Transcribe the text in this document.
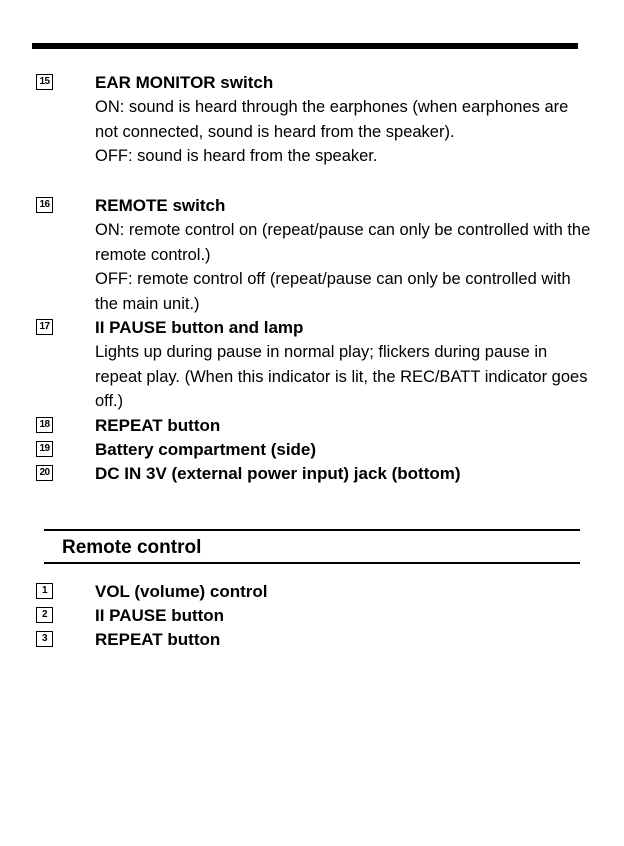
15	EAR MONITOR switch

ON: sound is heard through the earphones (when earphones are not connected, sound is heard from the speaker).

OFF: sound is heard from the speaker.

16	REMOTE switch

ON: remote control on (repeat/pause can only be controlled with the remote control.)

OFF: remote control off (repeat/pause can only be controlled with the main unit.)

17	II PAUSE button and lamp

Lights up during pause in normal play; flickers during pause in repeat play. (When this indicator is lit, the REC/BATT indicator goes off.)

18	REPEAT button
19	Battery compartment (side)
20	DC IN 3V (external power input) jack (bottom)
Remote control
1	VOL (volume) control
2	II PAUSE button
3	REPEAT button
